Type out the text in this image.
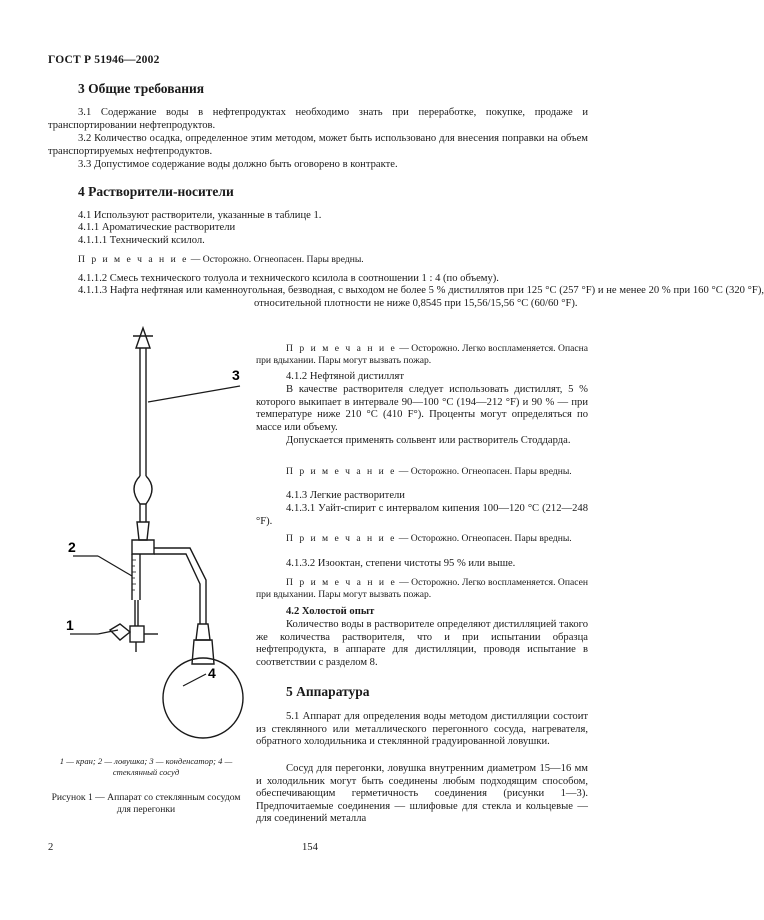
ГОСТ Р 51946—2002
3 Общие требования
3.1 Содержание воды в нефтепродуктах необходимо знать при переработке, покупке, продаже и транспортировании нефтепродуктов.
3.2 Количество осадка, определенное этим методом, может быть использовано для внесения поправки на объем транспортируемых нефтепродуктов.
3.3 Допустимое содержание воды должно быть оговорено в контракте.
4 Растворители-носители
4.1 Используют растворители, указанные в таблице 1.
4.1.1 Ароматические растворители
4.1.1.1 Технический ксилол.
П р и м е ч а н и е — Осторожно. Огнеопасен. Пары вредны.
4.1.1.2 Смесь технического толуола и технического ксилола в соотношении 1 : 4 (по объему).
4.1.1.3 Нафта нефтяная или каменноугольная, безводная, с выходом не более 5 % дистиллятов при 125 °С (257 °F) и не менее 20 % при 160 °С (320 °F), относительной плотности не ниже 0,8545 при 15,56/15,56 °С (60/60 °F).
П р и м е ч а н и е — Осторожно. Легко воспламеняется. Опасна при вдыхании. Пары могут вызвать пожар.
4.1.2 Нефтяной дистиллят
В качестве растворителя следует использовать дистиллят, 5 % которого выкипает в интервале 90—100 °С (194—212 °F) и 90 % — при температуре ниже 210 °С (410 F°). Проценты могут определяться по массе или объему.
Допускается применять сольвент или растворитель Стоддарда.
П р и м е ч а н и е — Осторожно. Огнеопасен. Пары вредны.
4.1.3 Легкие растворители
4.1.3.1 Уайт-спирит с интервалом кипения 100—120 °С (212—248 °F).
П р и м е ч а н и е — Осторожно. Огнеопасен. Пары вредны.
4.1.3.2 Изооктан, степени чистоты 95 % или выше.
П р и м е ч а н и е — Осторожно. Легко воспламеняется. Опасен при вдыхании. Пары могут вызвать пожар.
4.2 Холостой опыт
Количество воды в растворителе определяют дистилляцией такого же количества растворителя, что и при испытании образца нефтепродукта, в аппарате для дистилляции, проводя испытание в соответствии с разделом 8.
5 Аппаратура
5.1 Аппарат для определения воды методом дистилляции состоит из стеклянного или металлического перегонного сосуда, нагревателя, обратного холодильника и стеклянной градуированной ловушки.
Сосуд для перегонки, ловушка внутренним диаметром 15—16 мм и холодильник могут быть соединены любым подходящим способом, обеспечивающим герметичность соединения (рисунки 1—3). Предпочитаемые соединения — шлифовые для стекла и кольцевые — для соединений металла
1
2
3
4
1 — кран; 2 — ловушка; 3 — конденсатор; 4 — стеклянный сосуд
Рисунок 1 — Аппарат со стеклянным сосудом для перегонки
2	154
